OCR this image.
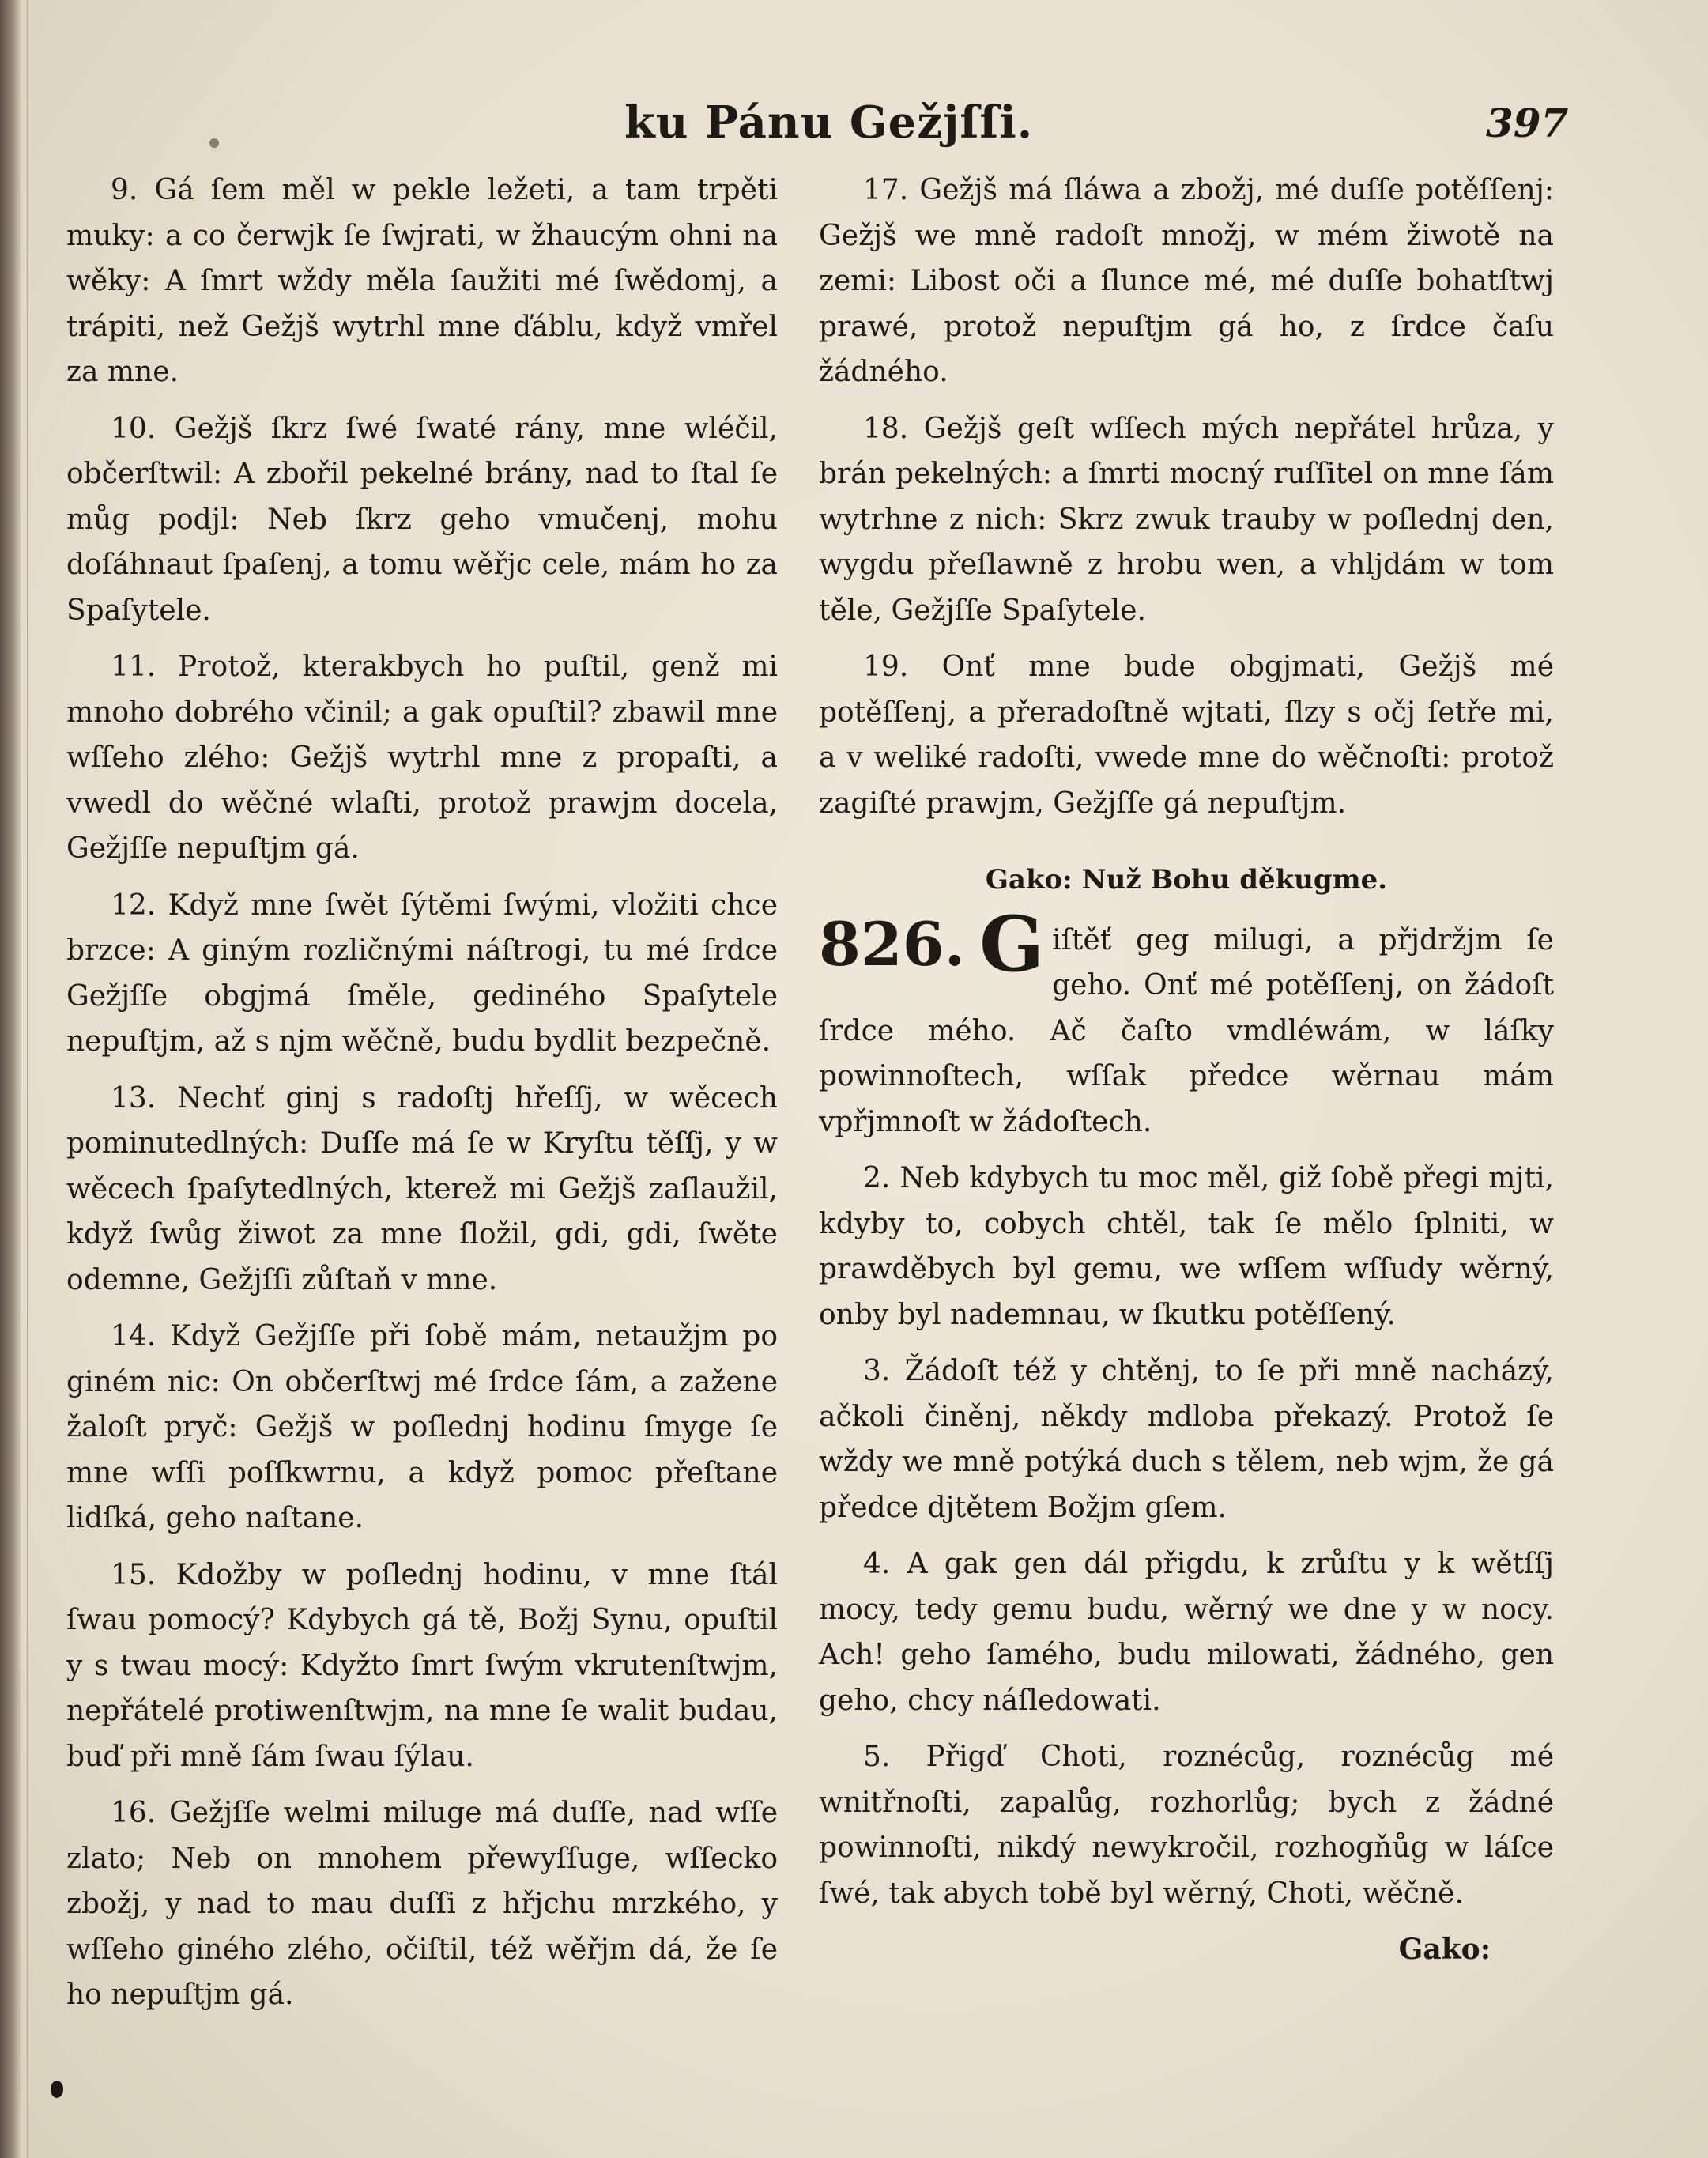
ku Pánu Gežjſſi.	397

9. Gá ſem měl w pekle ležeti, a tam trpěti muky: a co čerwjk ſe ſwjrati, w žhaucým ohni na wěky: A ſmrt wždy měla ſaužiti mé ſwědomj, a trápiti, než Gežjš wytrhl mne ďáblu, když vmřel za mne.

10. Gežjš ſkrz ſwé ſwaté rány, mne wléčil, občerſtwil: A zbořil pekelné brány, nad to ſtal ſe můg podjl: Neb ſkrz geho vmučenj, mohu doſáhnaut ſpaſenj, a tomu wěřjc cele, mám ho za Spaſytele.

11. Protož, kterakbych ho puſtil, genž mi mnoho dobrého včinil; a gak opuſtil? zbawil mne wſſeho zlého: Gežjš wytrhl mne z propaſti, a vwedl do wěčné wlaſti, protož prawjm docela, Gežjſſe nepuſtjm gá.

12. Když mne ſwět ſýtěmi ſwými, vložiti chce brzce: A giným rozličnými náſtrogi, tu mé ſrdce Gežjſſe obgjmá ſměle, gediného Spaſytele nepuſtjm, až s njm wěčně, budu bydlit bezpečně.

13. Nechť ginj s radoſtj hřeſſj, w wěcech pominutedlných: Duſſe má ſe w Kryſtu těſſj, y w wěcech ſpaſytedlných, kterež mi Gežjš zaſlaužil, když ſwůg žiwot za mne ſložil, gdi, gdi, ſwěte odemne, Gežjſſi zůſtaň v mne.

14. Když Gežjſſe při ſobě mám, netaužjm po giném nic: On občerſtwj mé ſrdce ſám, a zažene žaloſt pryč: Gežjš w poſlednj hodinu ſmyge ſe mne wſſi poſſkwrnu, a když pomoc přeſtane lidſká, geho naſtane.

15. Kdožby w poſlednj hodinu, v mne ſtál ſwau pomocý? Kdybych gá tě, Božj Synu, opuſtil y s twau mocý: Kdyžto ſmrt ſwým vkrutenſtwjm, nepřátelé protiwenſtwjm, na mne ſe walit budau, buď při mně ſám ſwau ſýlau.

16. Gežjſſe welmi miluge má duſſe, nad wſſe zlato; Neb on mnohem přewyſſuge, wſſecko zbožj, y nad to mau duſſi z hřjchu mrzkého, y wſſeho giného zlého, očiſtil, též wěřjm dá, že ſe ho nepuſtjm gá.

17. Gežjš má ſláwa a zbožj, mé duſſe potěſſenj: Gežjš we mně radoſt množj, w mém žiwotě na zemi: Libost oči a ſlunce mé, mé duſſe bohatſtwj prawé, protož nepuſtjm gá ho, z ſrdce čaſu žádného.

18. Gežjš geſt wſſech mých nepřátel hrůza, y brán pekelných: a ſmrti mocný ruſſitel on mne ſám wytrhne z nich: Skrz zwuk trauby w poſlednj den, wygdu přeſlawně z hrobu wen, a vhljdám w tom těle, Gežjſſe Spaſytele.

19. Onť mne bude obgjmati, Gežjš mé potěſſenj, a přeradoſtně wjtati, ſlzy s očj ſetře mi, a v weliké radoſti, vwede mne do wěčnoſti: protož zagiſté prawjm, Gežjſſe gá nepuſtjm.

Gako: Nuž Bohu děkugme.

826. G iſtěť geg milugi, a přjdržjm ſe geho. Onť mé potěſſenj, on žádoſt ſrdce mého. Ač čaſto vmdléwám, w láſky powinnoſtech, wſſak předce wěrnau mám vpřjmnoſt w žádoſtech.

2. Neb kdybych tu moc měl, giž ſobě přegi mjti, kdyby to, cobych chtěl, tak ſe mělo ſplniti, w prawděbych byl gemu, we wſſem wſſudy wěrný, onby byl nademnau, w ſkutku potěſſený.

3. Žádoſt též y chtěnj, to ſe při mně nacházý, ačkoli činěnj, někdy mdloba překazý. Protož ſe wždy we mně potýká duch s tělem, neb wjm, že gá předce djtětem Božjm gſem.

4. A gak gen dál přigdu, k zrůſtu y k wětſſj mocy, tedy gemu budu, wěrný we dne y w nocy. Ach! geho ſamého, budu milowati, žádného, gen geho, chcy náſledowati.

5. Přigď Choti, roznécůg, roznécůg mé wnitřnoſti, zapalůg, rozhorlůg; bych z žádné powinnoſti, nikdý newykročil, rozhogňůg w láſce ſwé, tak abych tobě byl wěrný, Choti, wěčně.

Gako:
